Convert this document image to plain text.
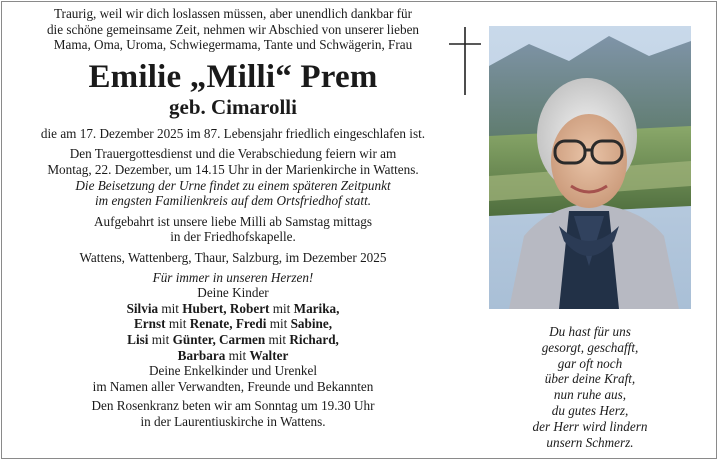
Traurig, weil wir dich loslassen müssen, aber unendlich dankbar für

die schöne gemeinsame Zeit, nehmen wir Abschied von unserer lieben

Mama, Oma, Uroma, Schwiegermama, Tante und Schwägerin, Frau

Emilie „Milli“ Prem

geb. Cimarolli

die am 17. Dezember 2025 im 87. Lebensjahr friedlich eingeschlafen ist.

Den Trauergottesdienst und die Verabschiedung feiern wir am

Montag, 22. Dezember, um 14.15 Uhr in der Marienkirche in Wattens.

Die Beisetzung der Urne findet zu einem späteren Zeitpunkt

im engsten Familienkreis auf dem Ortsfriedhof statt.

Aufgebahrt ist unsere liebe Milli ab Samstag mittags

in der Friedhofskapelle.

Wattens, Wattenberg, Thaur, Salzburg, im Dezember 2025

Für immer in unseren Herzen!

Deine Kinder

Silvia mit Hubert, Robert mit Marika,

Ernst mit Renate, Fredi mit Sabine,

Lisi mit Günter, Carmen mit Richard,

Barbara mit Walter

Deine Enkelkinder und Urenkel

im Namen aller Verwandten, Freunde und Bekannten

Den Rosenkranz beten wir am Sonntag um 19.30 Uhr

in der Laurentiuskirche in Wattens.

Du hast für uns

gesorgt, geschafft,

gar oft noch

über deine Kraft,

nun ruhe aus,

du gutes Herz,

der Herr wird lindern

unsern Schmerz.
